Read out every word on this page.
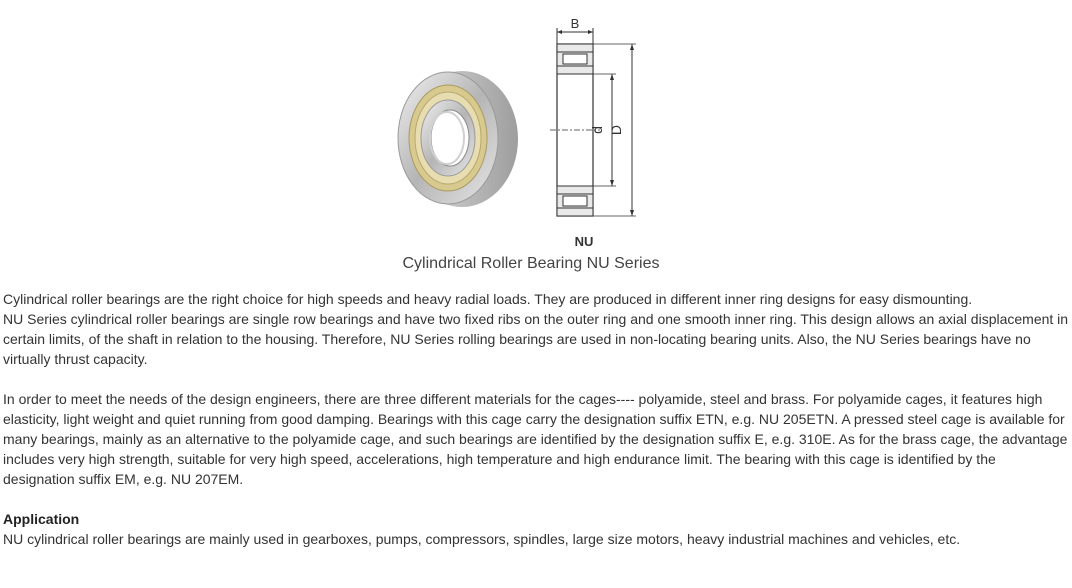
B
d D
NU
Cylindrical Roller Bearing NU Series

Cylindrical roller bearings are the right choice for high speeds and heavy radial loads. They are produced in different inner ring designs for easy dismounting.

NU Series cylindrical roller bearings are single row bearings and have two fixed ribs on the outer ring and one smooth inner ring. This design allows an axial displacement in certain limits, of the shaft in relation to the housing. Therefore, NU Series rolling bearings are used in non-locating bearing units. Also, the NU Series bearings have no virtually thrust capacity.

In order to meet the needs of the design engineers, there are three different materials for the cages---- polyamide, steel and brass. For polyamide cages, it features high elasticity, light weight and quiet running from good damping. Bearings with this cage carry the designation suffix ETN, e.g. NU 205ETN. A pressed steel cage is available for many bearings, mainly as an alternative to the polyamide cage, and such bearings are identified by the designation suffix E, e.g. 310E. As for the brass cage, the advantage includes very high strength, suitable for very high speed, accelerations, high temperature and high endurance limit. The bearing with this cage is identified by the designation suffix EM, e.g. NU 207EM.

Application

NU cylindrical roller bearings are mainly used in gearboxes, pumps, compressors, spindles, large size motors, heavy industrial machines and vehicles, etc.
